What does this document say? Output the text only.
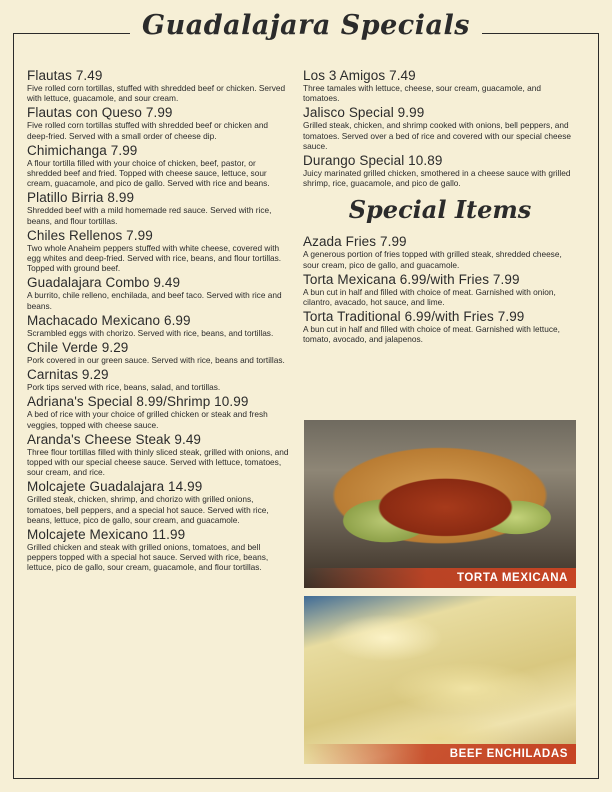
Guadalajara Specials
Flautas 7.49
Five rolled corn tortillas, stuffed with shredded beef or chicken. Served with lettuce, guacamole, and sour cream.
Flautas con Queso 7.99
Five rolled corn tortillas stuffed with shredded beef or chicken and deep-fried. Served with a small order of cheese dip.
Chimichanga 7.99
A flour tortilla filled with your choice of chicken, beef, pastor, or shredded beef and fried. Topped with cheese sauce, lettuce, sour cream, guacamole, and pico de gallo. Served with rice and beans.
Platillo Birria 8.99
Shredded beef with a mild homemade red sauce. Served with rice, beans, and flour tortillas.
Chiles Rellenos 7.99
Two whole Anaheim peppers stuffed with white cheese, covered with egg whites and deep-fried. Served with rice, beans, and flour tortillas. Topped with ground beef.
Guadalajara Combo 9.49
A burrito, chile relleno, enchilada, and beef taco. Served with rice and beans.
Machacado Mexicano 6.99
Scrambled eggs with chorizo. Served with rice, beans, and tortillas.
Chile Verde 9.29
Pork covered in our green sauce. Served with rice, beans and tortillas.
Carnitas 9.29
Pork tips served with rice, beans, salad, and tortillas.
Adriana's Special 8.99/Shrimp 10.99
A bed of rice with your choice of grilled chicken or steak and fresh veggies, topped with cheese sauce.
Aranda's Cheese Steak 9.49
Three flour tortillas filled with thinly sliced steak, grilled with onions, and topped with our special cheese sauce. Served with lettuce, tomatoes, sour cream, and rice.
Molcajete Guadalajara 14.99
Grilled steak, chicken, shrimp, and chorizo with grilled onions, tomatoes, bell peppers, and a special hot sauce. Served with rice, beans, lettuce, pico de gallo, sour cream, and guacamole.
Molcajete Mexicano 11.99
Grilled chicken and steak with grilled onions, tomatoes, and bell peppers topped with a special hot sauce. Served with rice, beans, lettuce, pico de gallo, sour cream, guacamole, and flour tortillas.
Los 3 Amigos 7.49
Three tamales with lettuce, cheese, sour cream, guacamole, and tomatoes.
Jalisco Special 9.99
Grilled steak, chicken, and shrimp cooked with onions, bell peppers, and tomatoes. Served over a bed of rice and covered with our special cheese sauce.
Durango Special 10.89
Juicy marinated grilled chicken, smothered in a cheese sauce with grilled shrimp, rice, guacamole, and pico de gallo.
Special Items
Azada Fries 7.99
A generous portion of fries topped with grilled steak, shredded cheese, sour cream, pico de gallo, and guacamole.
Torta Mexicana 6.99/with Fries 7.99
A bun cut in half and filled with choice of meat. Garnished with onion, cilantro, avacado, hot sauce, and lime.
Torta Traditional 6.99/with Fries 7.99
A bun cut in half and filled with choice of meat. Garnished with lettuce, tomato, avocado, and jalapenos.
TORTA MEXICANA
BEEF ENCHILADAS
